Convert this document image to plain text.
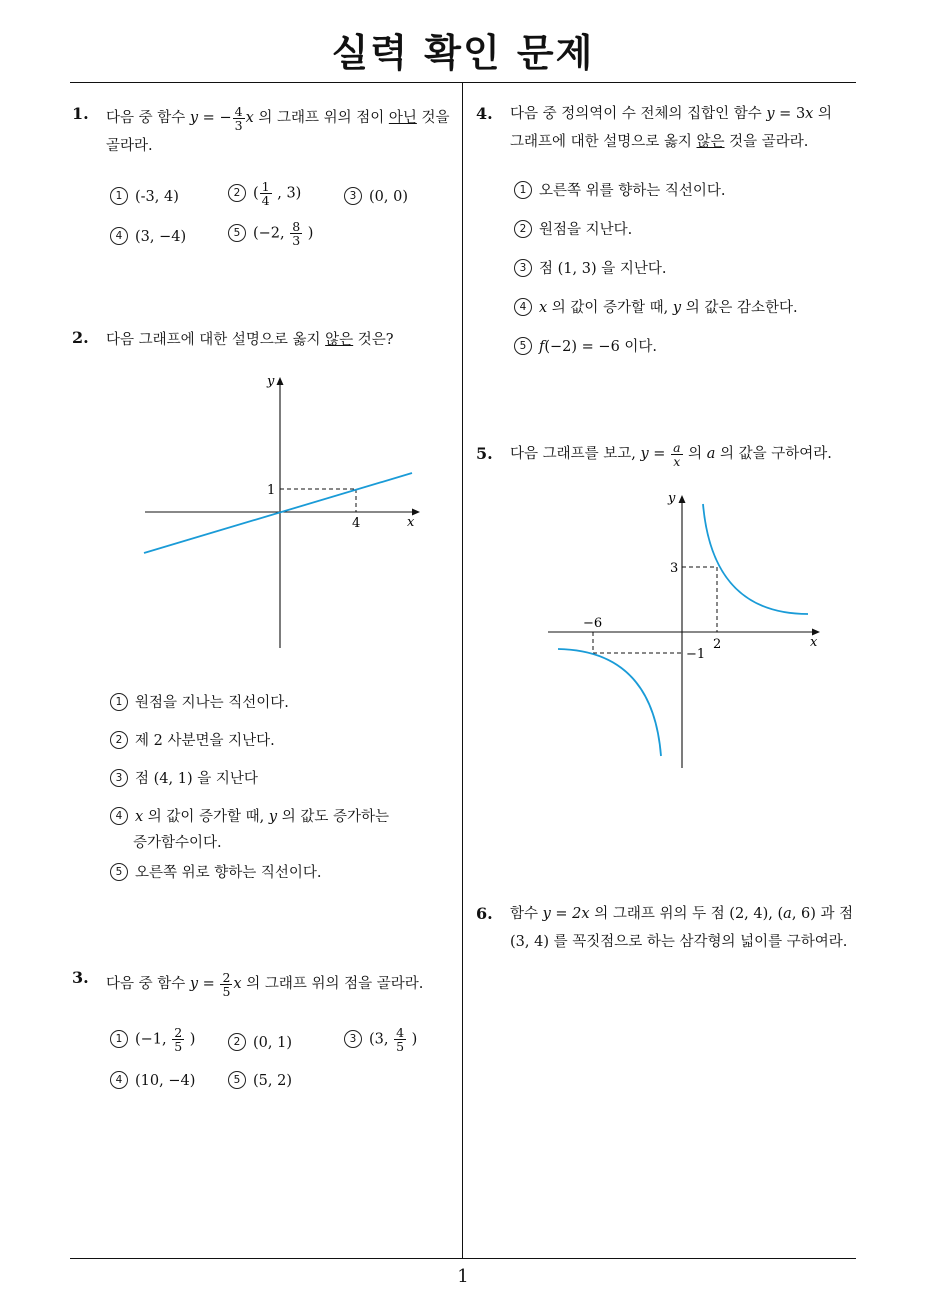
실력 확인 문제
1
1. 다음 중 함수 y = − $\frac{4}{3}$ x 의 그래프 위의 점이 아닌 것을
골라라.
1 (-3, 4)	2 ( $\frac{1}{4}$ , 3)	3 (0, 0)
4 (3, −4)	5 (−2, $\frac{8}{3}$ )
2. 다음 그래프에 대한 설명으로 옳지 않은 것은?
y
x
1
4
1 원점을 지나는 직선이다.
2 제 2 사분면을 지난다.
3 점 (4, 1) 을 지난다
4 x 의 값이 증가할 때, y 의 값도 증가하는
증가함수이다.
5 오른쪽 위로 향하는 직선이다.
3. 다음 중 함수 $y = \frac{2}{5}$ x 의 그래프 위의 점을 골라라.
1 (−1, $\frac{2}{5}$ )	2 (0, 1)	3 (3, $\frac{4}{5}$ )
4 (10, −4)	5 (5, 2)
4. 다음 중 정의역이 수 전체의 집합인 함수 y = 3x 의
그래프에 대한 설명으로 옳지 않은 것을 골라라.
1 오른쪽 위를 향하는 직선이다.
2 원점을 지난다.
3 점 (1, 3) 을 지난다.
4 x 의 값이 증가할 때, y 의 값은 감소한다.
5 f(−2) = −6 이다.
5. 다음 그래프를 보고, $y = \frac{a}{x}$ 의 a 의 값을 구하여라.
y
x
3
2
−6
−1
6. 함수 y = 2x 의 그래프 위의 두 점 (2, 4), (a, 6) 과 점
(3, 4) 를 꼭짓점으로 하는 삼각형의 넓이를 구하여라.
